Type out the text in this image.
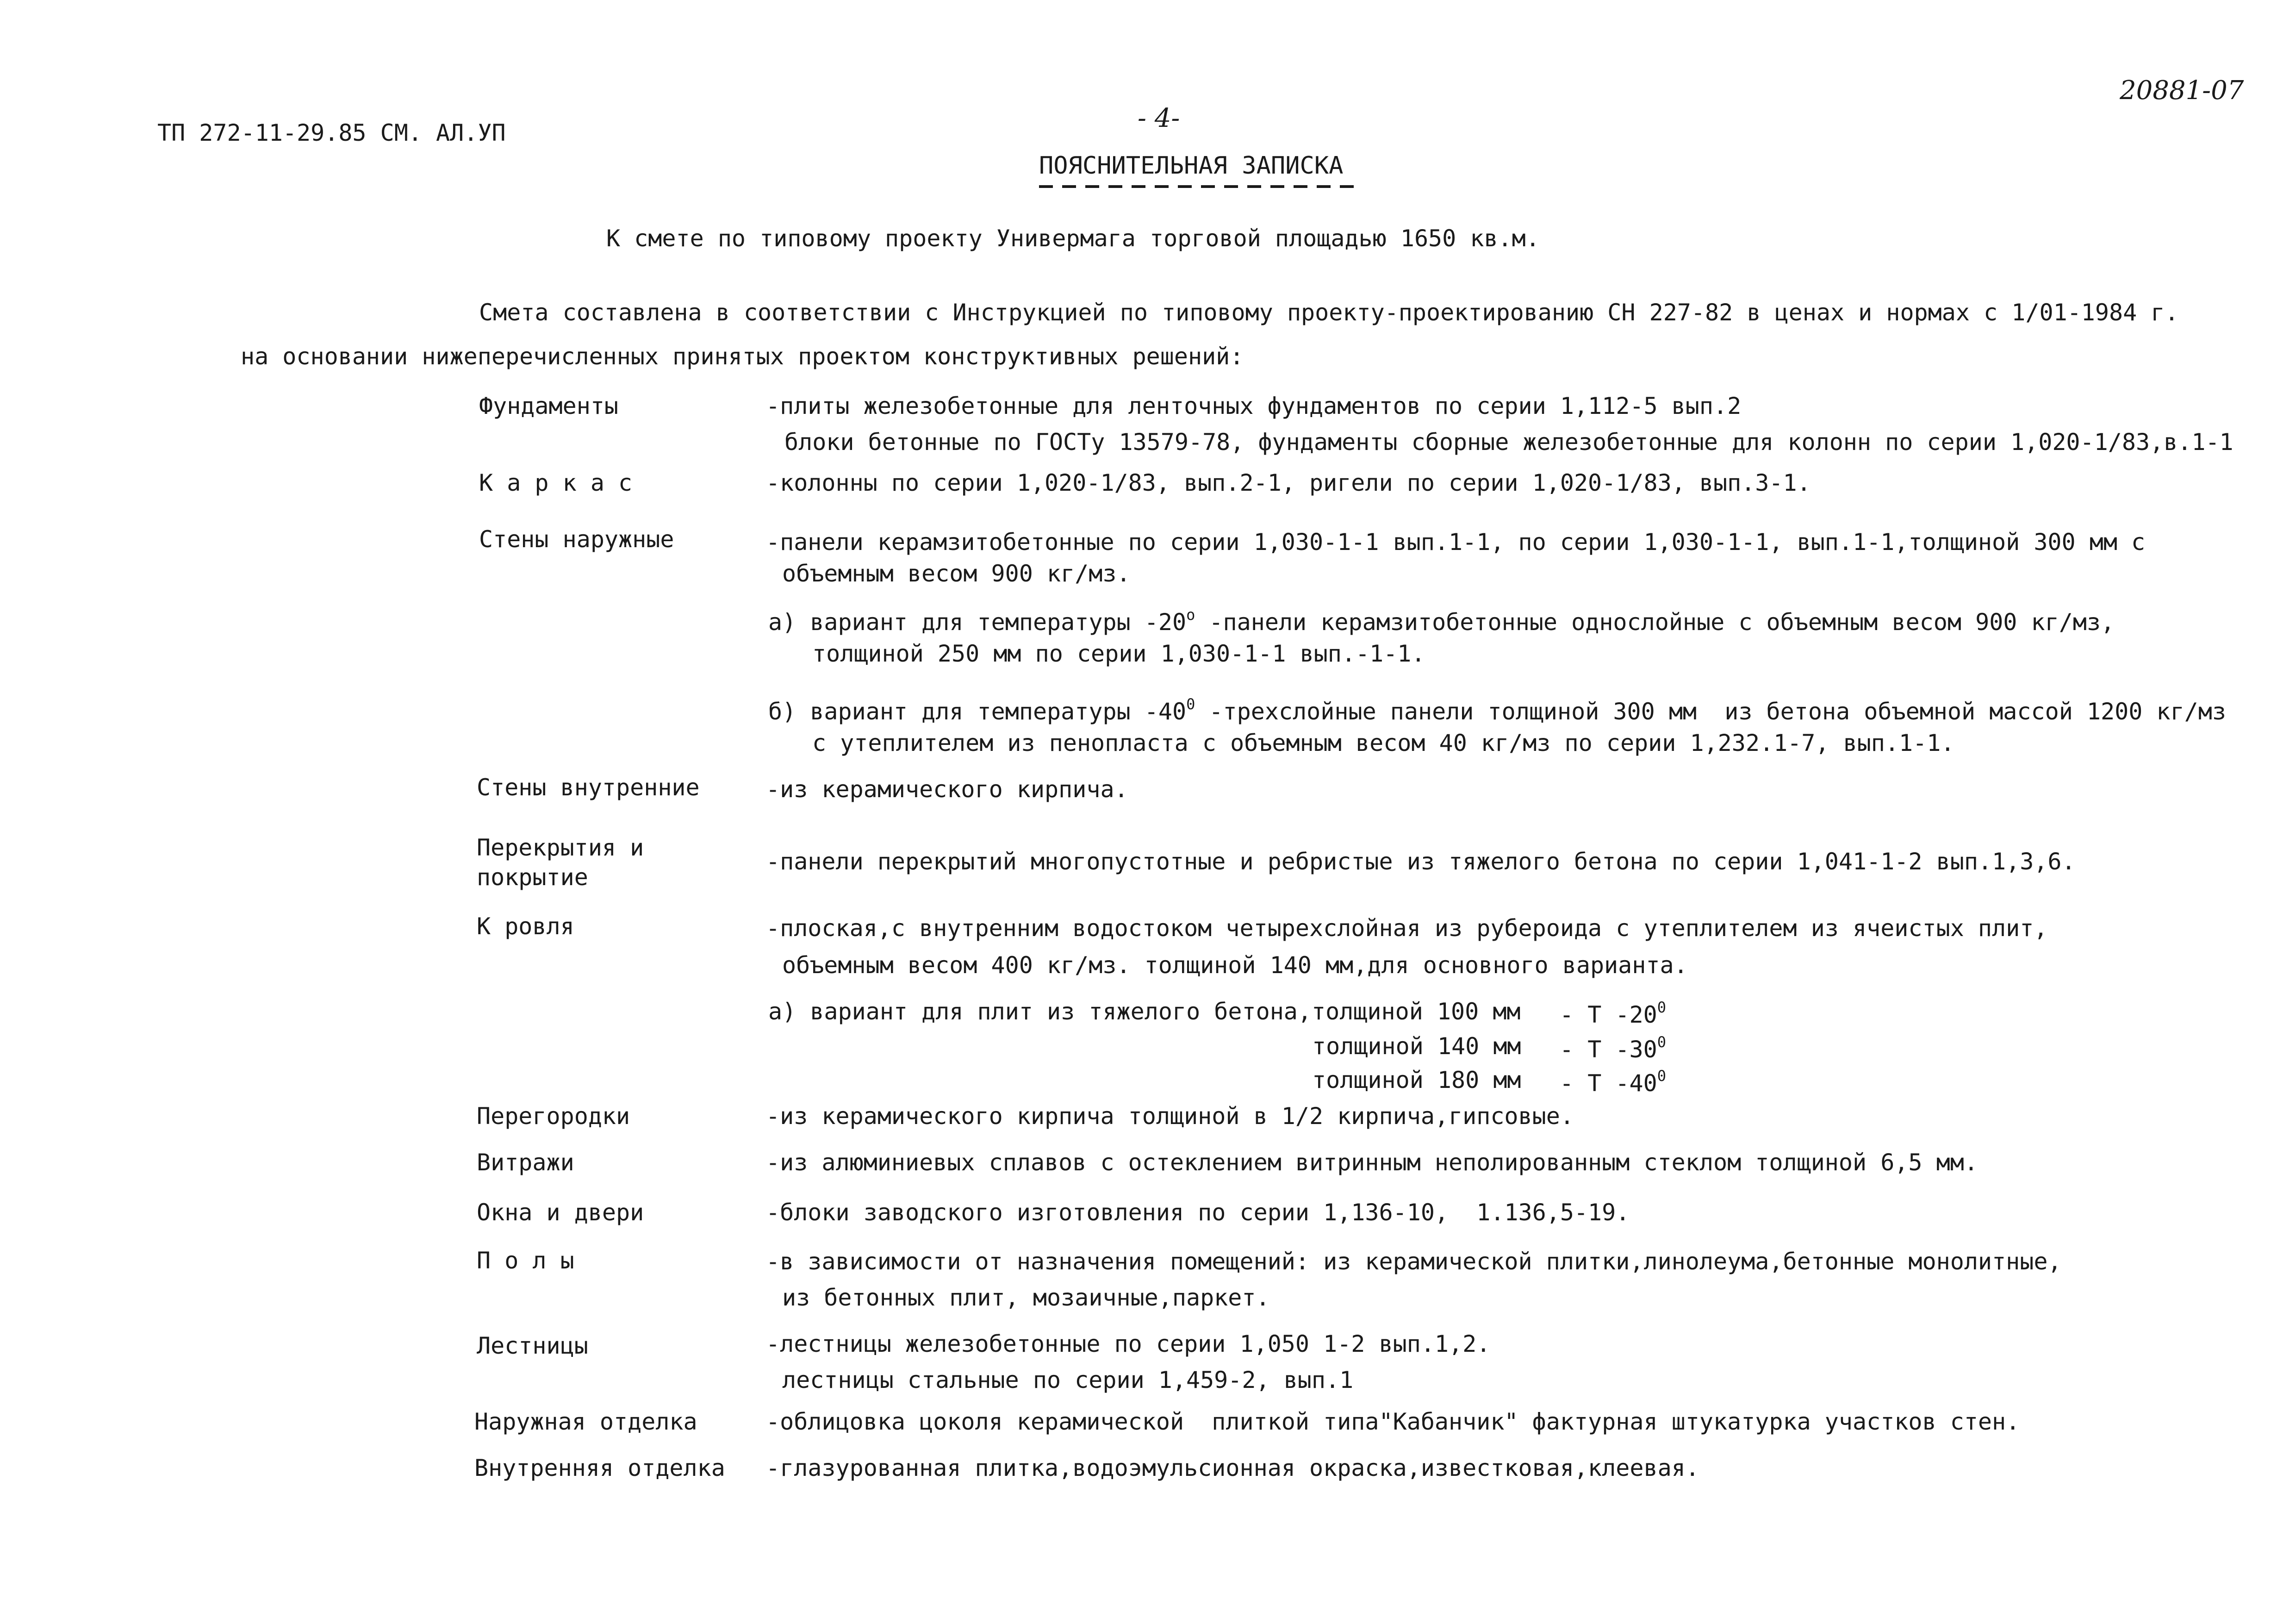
ТП 272-11-29.85 СМ. АЛ.УП	- 4-
20881-07
ПОЯСНИТЕЛЬНАЯ ЗАПИСКА
К смете по типовому проекту Универмага торговой площадью 1650 кв.м.
Смета составлена в соответствии с Инструкцией по типовому проекту-проектированию СН 227-82 в ценах и нормах с 1/01-1984 г.
на основании нижеперечисленных принятых проектом конструктивных решений:
Фундаменты	-плиты железобетонные для ленточных фундаментов по серии 1,112-5 вып.2
блоки бетонные по ГОСТу 13579-78, фундаменты сборные железобетонные для колонн по серии 1,020-1/83,в.1-1
К а р к а с	-колонны по серии 1,020-1/83, вып.2-1, ригели по серии 1,020-1/83, вып.3-1.
Стены наружные	-панели керамзитобетонные по серии 1,030-1-1 вып.1-1, по серии 1,030-1-1, вып.1-1,толщиной 300 мм с
объемным весом 900 кг/мз.
а) вариант для температуры $-20^о$ -панели керамзитобетонные однослойные с объемным весом 900 кг/мз,
толщиной 250 мм по серии 1,030-1-1 вып.-1-1.
б) вариант для температуры $-40^0$ -трехслойные панели толщиной 300 мм  из бетона объемной массой 1200 кг/мз
с утеплителем из пенопласта с объемным весом 40 кг/мз по серии 1,232.1-7, вып.1-1.
Стены внутренние	-из керамического кирпича.
Перекрытия и
покрытие
-панели перекрытий многопустотные и ребристые из тяжелого бетона по серии 1,041-1-2 вып.1,3,6.
К ровля	-плоская,с внутренним водостоком четырехслойная из рубероида с утеплителем из ячеистых плит,
объемным весом 400 кг/мз. толщиной 140 мм,для основного варианта.
а) вариант для плит из тяжелого бетона,толщиной 100 мм - Т $-20^0$
толщиной 140 мм - Т $-30^0$
толщиной 180 мм - Т $-40^0$
Перегородки	-из керамического кирпича толщиной в 1/2 кирпича,гипсовые.
Витражи	-из алюминиевых сплавов с остеклением витринным неполированным стеклом толщиной 6,5 мм.
Окна и двери	-блоки заводского изготовления по серии 1,136-10,  1.136,5-19.
П о л ы	-в зависимости от назначения помещений: из керамической плитки,линолеума,бетонные монолитные,
из бетонных плит, мозаичные,паркет.
Лестницы	-лестницы железобетонные по серии 1,050 1-2 вып.1,2.
лестницы стальные по серии 1,459-2, вып.1
Наружная отделка	-облицовка цоколя керамической  плиткой типа"Кабанчик" фактурная штукатурка участков стен.
Внутренняя отделка -глазурованная плитка,водоэмульсионная окраска,известковая,клеевая.
